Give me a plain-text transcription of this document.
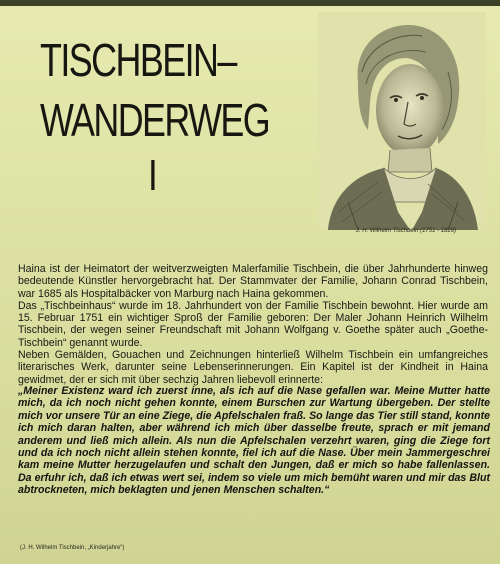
TISCHBEIN–
WANDERWEG
I
J. H. Wilhelm Tischbein (1751 - 1829)

Haina ist der Heimatort der weitverzweigten Malerfamilie Tischbein, die über Jahrhunderte hinweg bedeutende Künstler hervorgebracht hat. Der Stammvater der Familie, Johann Conrad Tischbein, war 1685 als Hospitalbäcker von Marburg nach Haina gekommen.

Das „Tischbeinhaus“ wurde im 18. Jahrhundert von der Familie Tischbein bewohnt. Hier wurde am 15. Februar 1751 ein wichtiger Sproß der Familie geboren: Der Maler Johann Heinrich Wilhelm Tischbein, der wegen seiner Freundschaft mit Johann Wolfgang v. Goethe später auch „Goethe-Tischbein“ genannt wurde.

Neben Gemälden, Gouachen und Zeichnungen hinterließ Wilhelm Tischbein ein umfangreiches literarisches Werk, darunter seine Lebenserinnerungen. Ein Kapitel ist der Kindheit in Haina gewidmet, der er sich mit über sechzig Jahren liebevoll erinnerte:

„Meiner Existenz ward ich zuerst inne, als ich auf die Nase gefallen war. Meine Mutter hatte mich, da ich noch nicht gehen konnte, einem Burschen zur Wartung übergeben. Der stellte mich vor unsere Tür an eine Ziege, die Apfelschalen fraß. So lange das Tier still stand, konnte ich mich daran halten, aber während ich mich über dasselbe freute, sprach er mit jemand anderem und ließ mich allein. Als nun die Apfelschalen verzehrt waren, ging die Ziege fort und da ich noch nicht allein stehen konnte, fiel ich auf die Nase. Über mein Jammergeschrei kam meine Mutter herzugelaufen und schalt den Jungen, daß er mich so habe fallenlassen. Da erfuhr ich, daß ich etwas wert sei, indem so viele um mich bemüht waren und mir das Blut abtrockneten, mich beklagten und jenen Menschen schalten.“
(J. H. Wilhelm Tischbein, „Kinderjahre“)
